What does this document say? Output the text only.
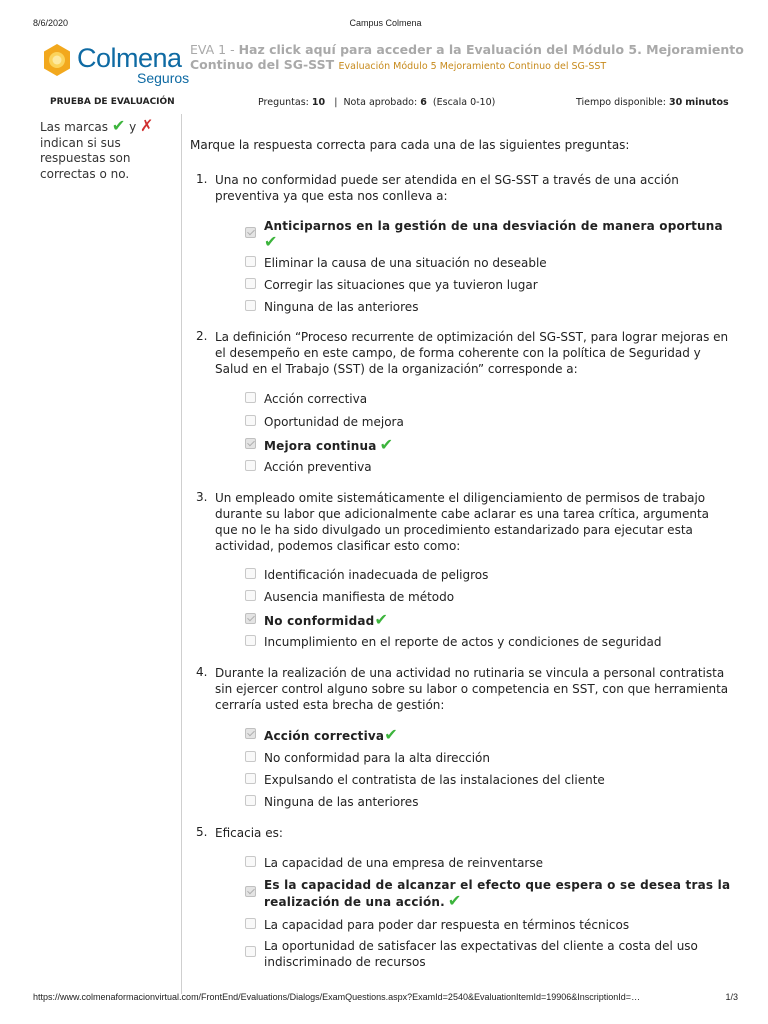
8/6/2020	Campus Colmena
Colmena
Seguros
EVA 1 - Haz click aquí para acceder a la Evaluación del Módulo 5. Mejoramiento Continuo del SG-SST Evaluación Módulo 5 Mejoramiento Continuo del SG-SST
PRUEBA DE EVALUACIÓN	Preguntas: 10 | Nota aprobado: 6 (Escala 0-10)	Tiempo disponible: 30 minutos
Las marcas ✔ y ✗ indican si sus respuestas son correctas o no.
Marque la respuesta correcta para cada una de las siguientes preguntas:
1. Una no conformidad puede ser atendida en el SG-SST a través de una acción preventiva ya que esta nos conlleva a:
Anticiparnos en la gestión de una desviación de manera oportuna
✔
Eliminar la causa de una situación no deseable
Corregir las situaciones que ya tuvieron lugar
Ninguna de las anteriores
2. La definición “Proceso recurrente de optimización del SG-SST, para lograr mejoras en el desempeño en este campo, de forma coherente con la política de Seguridad y Salud en el Trabajo (SST) de la organización” corresponde a:
Acción correctiva
Oportunidad de mejora
Mejora continua ✔
Acción preventiva
3. Un empleado omite sistemáticamente el diligenciamiento de permisos de trabajo durante su labor que adicionalmente cabe aclarar es una tarea crítica, argumenta que no le ha sido divulgado un procedimiento estandarizado para ejecutar esta actividad, podemos clasificar esto como:
Identificación inadecuada de peligros
Ausencia manifiesta de método
No conformidad✔
Incumplimiento en el reporte de actos y condiciones de seguridad
4. Durante la realización de una actividad no rutinaria se vincula a personal contratista sin ejercer control alguno sobre su labor o competencia en SST, con que herramienta cerraría usted esta brecha de gestión:
Acción correctiva✔
No conformidad para la alta dirección
Expulsando el contratista de las instalaciones del cliente
Ninguna de las anteriores
5. Eficacia es:
La capacidad de una empresa de reinventarse
Es la capacidad de alcanzar el efecto que espera o se desea tras la realización de una acción. ✔
La capacidad para poder dar respuesta en términos técnicos
La oportunidad de satisfacer las expectativas del cliente a costa del uso indiscriminado de recursos
https://www.colmenaformacionvirtual.com/FrontEnd/Evaluations/Dialogs/ExamQuestions.aspx?ExamId=2540&EvaluationItemId=19906&InscriptionId=…	1/3
